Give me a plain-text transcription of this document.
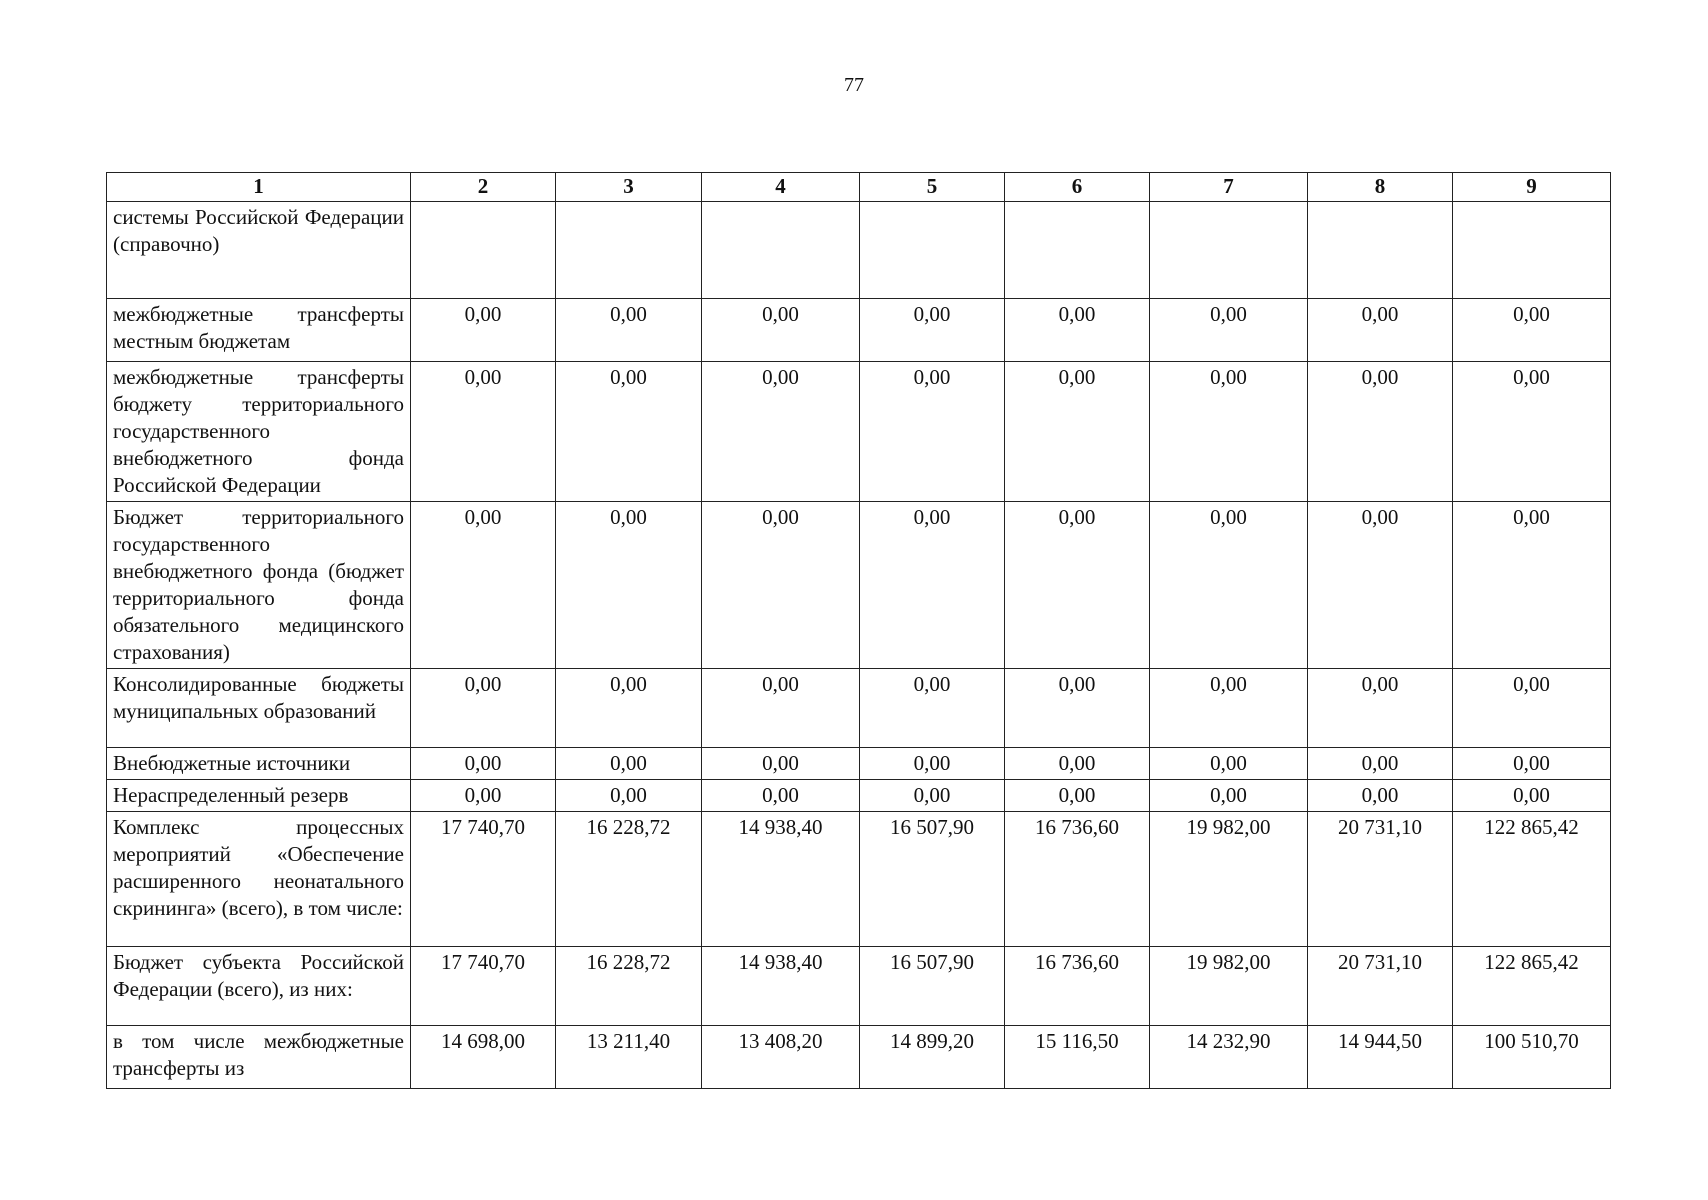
77
1	2	3	4	5	6	7	8	9
системы Российской Федерации (справочно)								
межбюджетные трансферты местным бюджетам	0,00	0,00	0,00	0,00	0,00	0,00	0,00	0,00
межбюджетные трансферты бюджету территориального государственного внебюджетного фонда Российской Федерации	0,00	0,00	0,00	0,00	0,00	0,00	0,00	0,00
Бюджет территориального государственного внебюджетного фонда (бюджет территориального фонда обязательного медицинского страхования)	0,00	0,00	0,00	0,00	0,00	0,00	0,00	0,00
Консолидированные бюджеты муниципальных образований	0,00	0,00	0,00	0,00	0,00	0,00	0,00	0,00
Внебюджетные источники	0,00	0,00	0,00	0,00	0,00	0,00	0,00	0,00
Нераспределенный резерв	0,00	0,00	0,00	0,00	0,00	0,00	0,00	0,00
Комплекс процессных мероприятий «Обеспечение расширенного неонатального скрининга» (всего), в том числе:	17 740,70	16 228,72	14 938,40	16 507,90	16 736,60	19 982,00	20 731,10	122 865,42
Бюджет субъекта Российской Федерации (всего), из них:	17 740,70	16 228,72	14 938,40	16 507,90	16 736,60	19 982,00	20 731,10	122 865,42
в том числе межбюджетные трансферты из	14 698,00	13 211,40	13 408,20	14 899,20	15 116,50	14 232,90	14 944,50	100 510,70
